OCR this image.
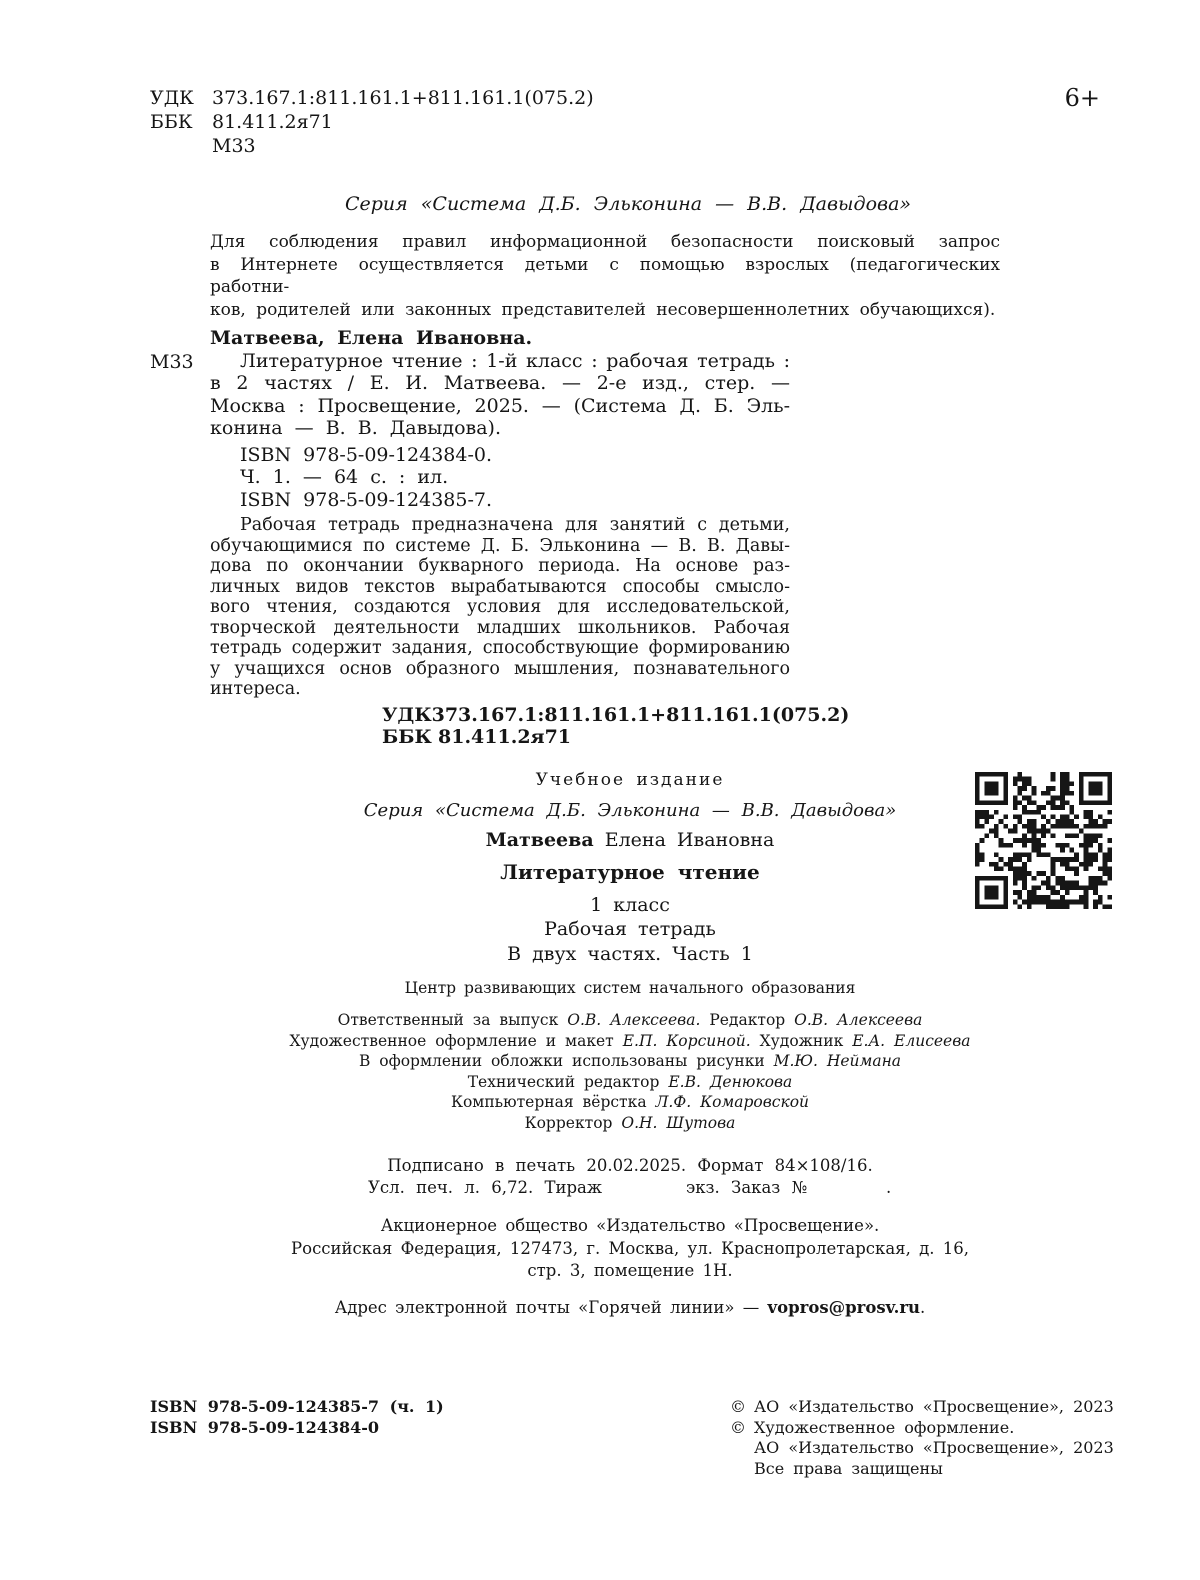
УДК 373.167.1:811.161.1+811.161.1(075.2)
ББК	81.411.2я71
М33
6+
Серия «Система Д.Б. Эльконина — В.В. Давыдова»

Для соблюдения правил информационной безопасности поисковый запрос

в Интернете осуществляется детьми с помощью взрослых (педагогических работни-

ков, родителей или законных представителей несовершеннолетних обучающихся).

М33

Матвеева, Елена Ивановна.

Литературное чтение : 1-й класс : рабочая тетрадь :

в 2 частях / Е. И. Матвеева. — 2-е изд., стер. —

Москва : Просвещение, 2025. — (Система Д. Б. Эль-

конина — В. В. Давыдова).

ISBN 978-5-09-124384-0.

Ч. 1. — 64 с. : ил.

ISBN 978-5-09-124385-7.

Рабочая тетрадь предназначена для занятий с детьми,

обучающимися по системе Д. Б. Эльконина — В. В. Давы-

дова по окончании букварного периода. На основе раз-

личных видов текстов вырабатываются способы смысло-

вого чтения, создаются условия для исследовательской,

творческой деятельности младших школьников. Рабочая

тетрадь содержит задания, способствующие формированию

у учащихся основ образного мышления, познавательного

интереса.

УДК 373.167.1:811.161.1+811.161.1(075.2)
ББК 81.411.2я71
Учебное издание
Серия «Система Д.Б. Эльконина — В.В. Давыдова»
Матвеева Елена Ивановна
Литературное чтение
1 класс
Рабочая тетрадь
В двух частях. Часть 1
Центр развивающих систем начального образования
Ответственный за выпуск О.В. Алексеева. Редактор О.В. Алексеева
Художественное оформление и макет Е.П. Корсиной. Художник Е.А. Елисеева
В оформлении обложки использованы рисунки М.Ю. Неймана
Технический редактор Е.В. Денюкова
Компьютерная вёрстка Л.Ф. Комаровской
Корректор О.Н. Шутова
Подписано в печать 20.02.2025. Формат 84×108/16.
Усл. печ. л. 6,72. Тираж	экз. Заказ №	.
Акционерное общество «Издательство «Просвещение».
Российская Федерация, 127473, г. Москва, ул. Краснопролетарская, д. 16,
стр. 3, помещение 1Н.
Адрес электронной почты «Горячей линии» — vopros@prosv.ru.
ISBN 978-5-09-124385-7 (ч. 1)
ISBN 978-5-09-124384-0
© АО «Издательство «Просвещение», 2023
© Художественное оформление.
АО «Издательство «Просвещение», 2023
Все права защищены
